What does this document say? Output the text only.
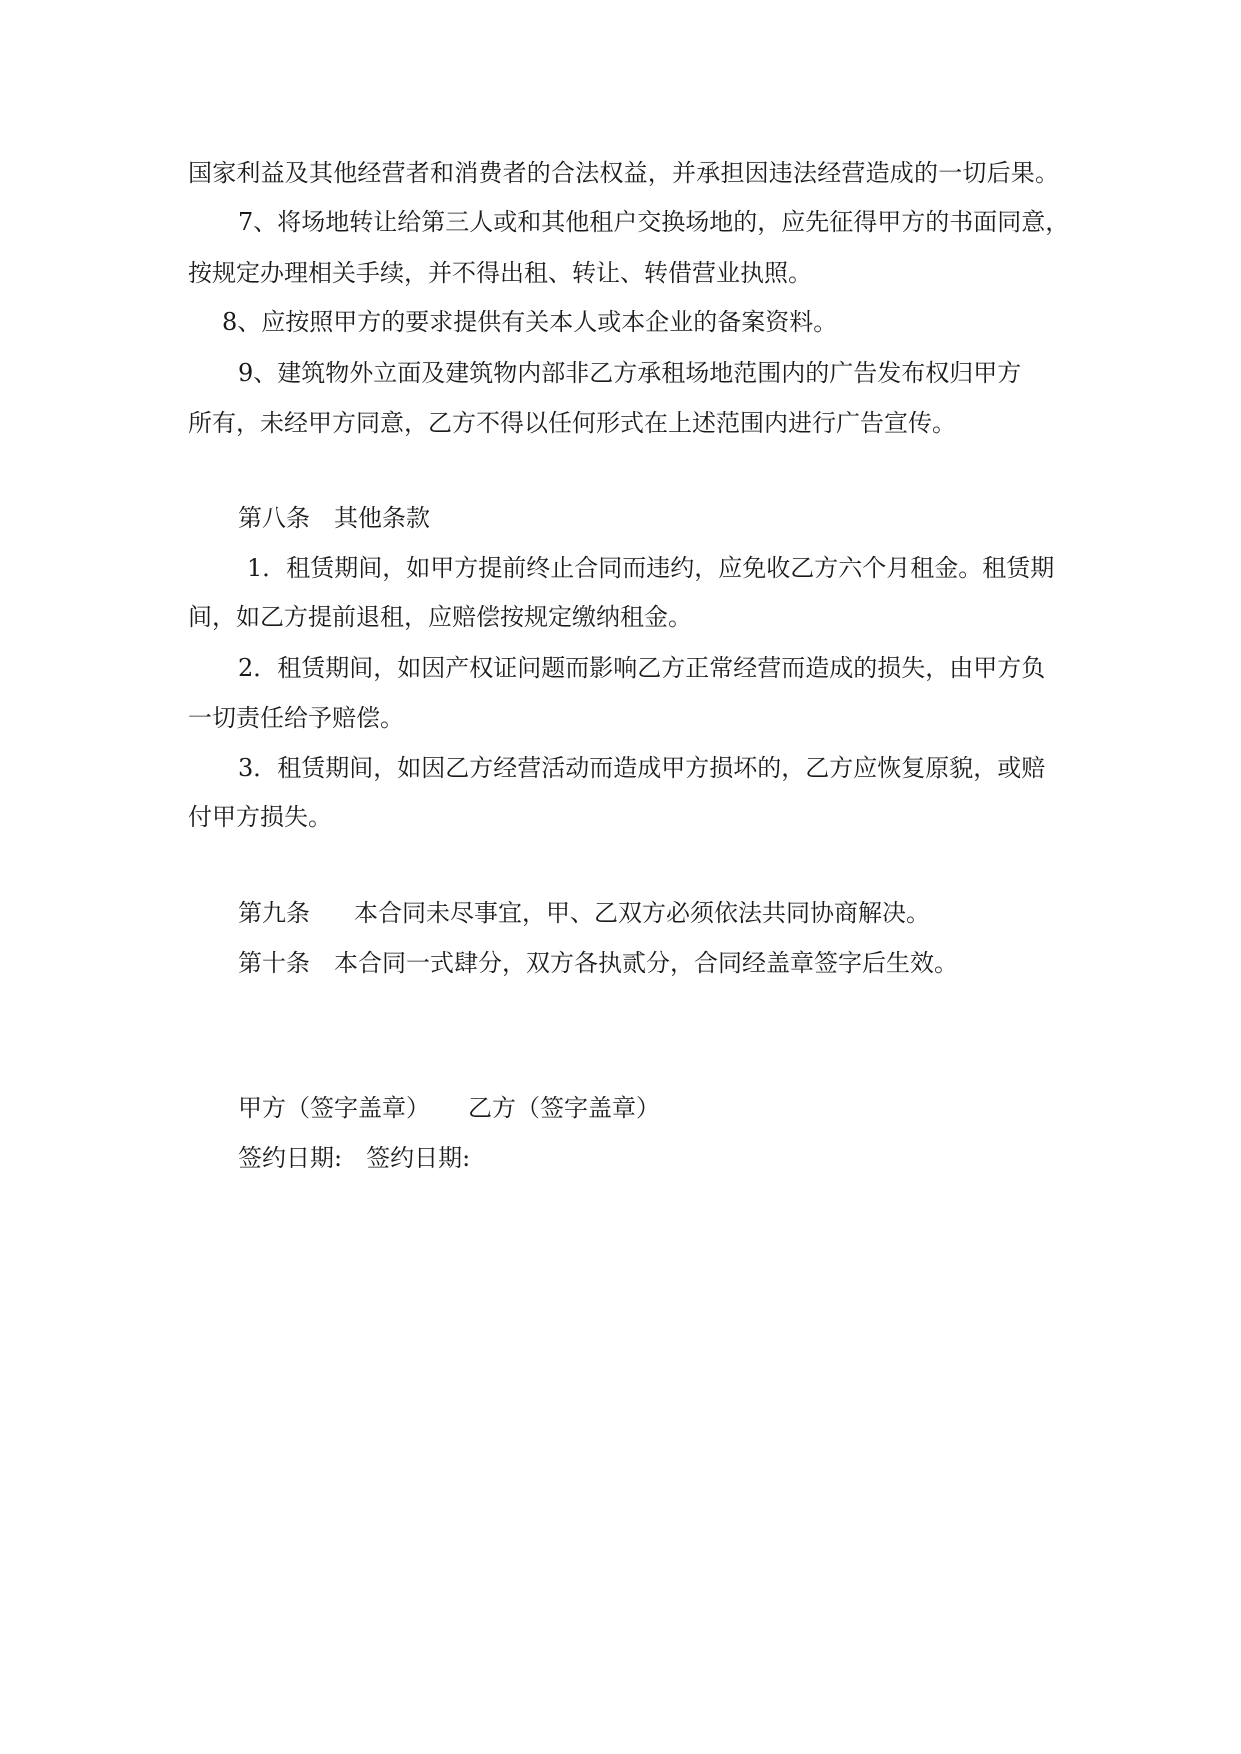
国家利益及其他经营者和消费者的合法权益，并承担因违法经营造成的一切后果。
7、将场地转让给第三人或和其他租户交换场地的，应先征得甲方的书面同意，
按规定办理相关手续，并不得出租、转让、转借营业执照。
8、应按照甲方的要求提供有关本人或本企业的备案资料。
9、建筑物外立面及建筑物内部非乙方承租场地范围内的广告发布权归甲方
所有，未经甲方同意，乙方不得以任何形式在上述范围内进行广告宣传。
第八条 其他条款
1．租赁期间，如甲方提前终止合同而违约，应免收乙方六个月租金。租赁期
间，如乙方提前退租，应赔偿按规定缴纳租金。
2．租赁期间，如因产权证问题而影响乙方正常经营而造成的损失，由甲方负
一切责任给予赔偿。
3．租赁期间，如因乙方经营活动而造成甲方损坏的，乙方应恢复原貌，或赔
付甲方损失。
第九条 本合同未尽事宜，甲、乙双方必须依法共同协商解决。
第十条 本合同一式肆分，双方各执贰分，合同经盖章签字后生效。
甲方（签字盖章） 乙方（签字盖章）
签约日期: 签约日期:
